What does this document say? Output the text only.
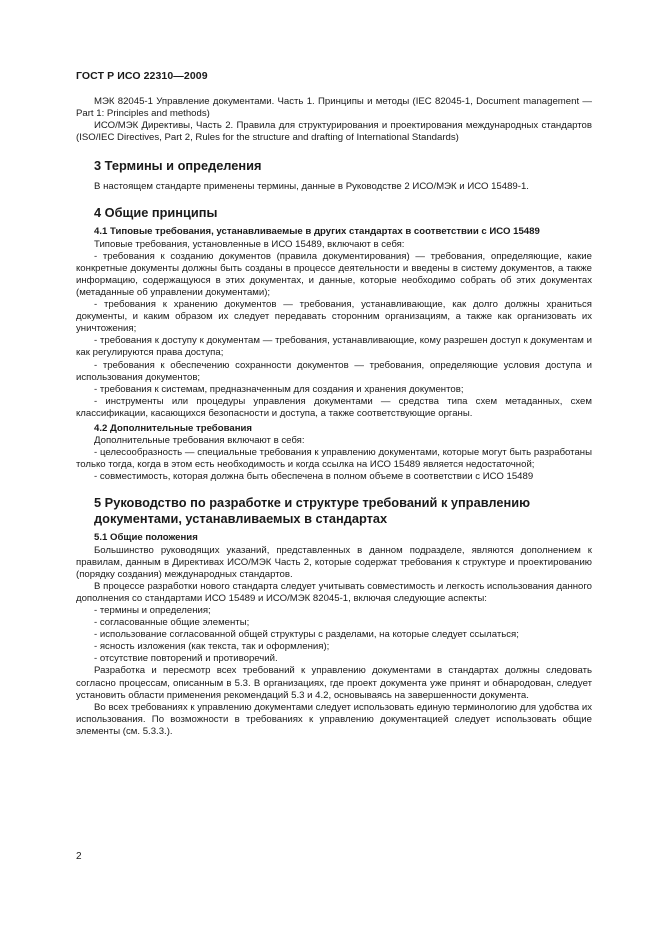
ГОСТ Р ИСО 22310—2009

МЭК 82045-1 Управление документами. Часть 1. Принципы и методы (IEC 82045-1, Document management — Part 1: Principles and methods)

ИСО/МЭК Директивы, Часть 2. Правила для структурирования и проектирования международных стандартов (ISO/IEC Directives, Part 2, Rules for the structure and drafting of International Standards)

3 Термины и определения

В настоящем стандарте применены термины, данные в Руководстве 2 ИСО/МЭК и ИСО 15489-1.

4 Общие принципы
4.1 Типовые требования, устанавливаемые в других стандартах в соответствии с ИСО 15489

Типовые требования, установленные в ИСО 15489, включают в себя:

- требования к созданию документов (правила документирования) — требования, определяющие, какие конкретные документы должны быть созданы в процессе деятельности и введены в систему документов, а также информацию, содержащуюся в этих документах, и данные, которые необходимо собрать об этих документах (метаданные об управлении документами);

- требования к хранению документов — требования, устанавливающие, как долго должны храниться документы, и каким образом их следует передавать сторонним организациям, а также как организовать их уничтожения;

- требования к доступу к документам — требования, устанавливающие, кому разрешен доступ к документам и как регулируются права доступа;

- требования к обеспечению сохранности документов — требования, определяющие условия доступа и использования документов;

- требования к системам, предназначенным для создания и хранения документов;

- инструменты или процедуры управления документами — средства типа схем метаданных, схем классификации, касающихся безопасности и доступа, а также соответствующие органы.

4.2 Дополнительные требования

Дополнительные требования включают в себя:

- целесообразность — специальные требования к управлению документами, которые могут быть разработаны только тогда, когда в этом есть необходимость и когда ссылка на ИСО 15489 является недостаточной;

- совместимость, которая должна быть обеспечена в полном объеме в соответствии с ИСО 15489

5 Руководство по разработке и структуре требований к управлению документами, устанавливаемых в стандартах
5.1 Общие положения

Большинство руководящих указаний, представленных в данном подразделе, являются дополнением к правилам, данным в Директивах ИСО/МЭК Часть 2, которые содержат требования к структуре и проектированию (порядку создания) международных стандартов.

В процессе разработки нового стандарта следует учитывать совместимость и легкость использования данного дополнения со стандартами ИСО 15489 и ИСО/МЭК 82045-1, включая следующие аспекты:

- термины и определения;

- согласованные общие элементы;

- использование согласованной общей структуры с разделами, на которые следует ссылаться;

- ясность изложения (как текста, так и оформления);

- отсутствие повторений и противоречий.

Разработка и пересмотр всех требований к управлению документами в стандартах должны следовать согласно процессам, описанным в 5.3. В организациях, где проект документа уже принят и обнародован, следует установить области применения рекомендаций 5.3 и 4.2, основываясь на завершенности документа.

Во всех требованиях к управлению документами следует использовать единую терминологию для удобства их использования. По возможности в требованиях к управлению документацией следует использовать общие элементы (см. 5.3.3.).

2
